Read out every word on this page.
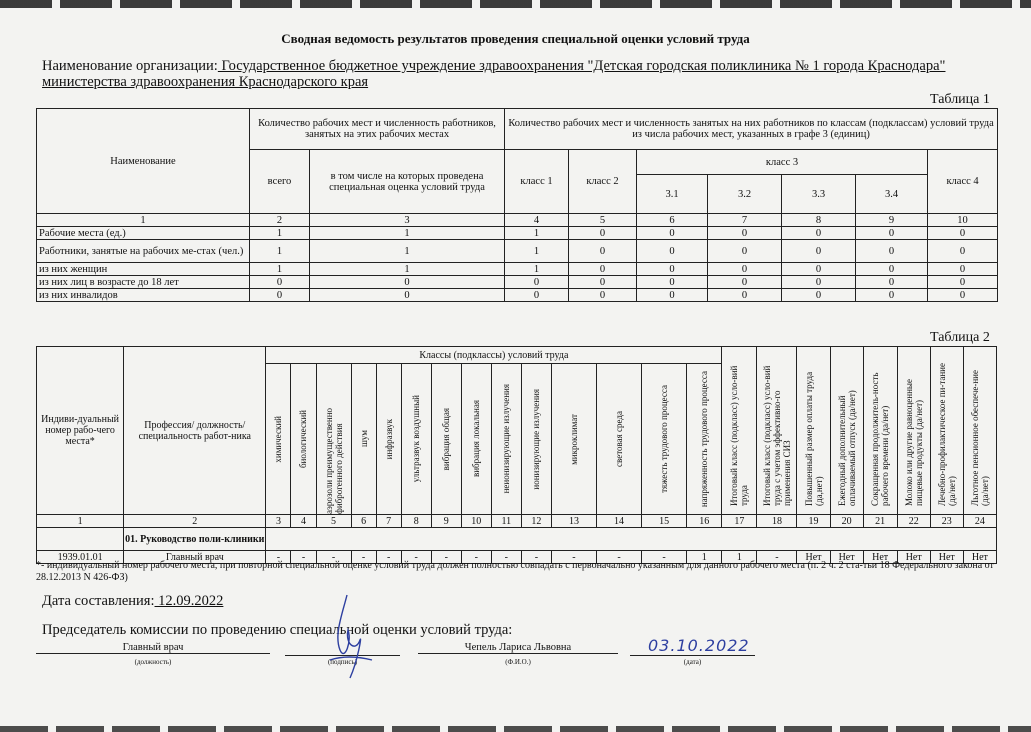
Сводная ведомость результатов проведения специальной оценки условий труда
Наименование организации: Государственное бюджетное учреждение здравоохранения "Детская городская поликлиника № 1 города Краснодара"
министерства здравоохранения Краснодарского края
Таблица 1
Наименование	Количество рабочих мест и численность работников, занятых на этих рабочих местах		Количество рабочих мест и численность занятых на них работников по классам (подклассам) условий труда из числа рабочих мест, указанных в графе 3 (единиц)						
	всего	в том числе на которых проведена специальная оценка условий труда	класс 1	класс 2	класс 3				класс 4
					3.1	3.2	3.3	3.4	
1	2	3	4	5	6	7	8	9	10
Рабочие места (ед.)	1	1	1	0	0	0	0	0	0
Работники, занятые на рабочих ме-стах (чел.)	1	1	1	0	0	0	0	0	0
из них женщин	1	1	1	0	0	0	0	0	0
из них лиц в возрасте до 18 лет	0	0	0	0	0	0	0	0	0
из них инвалидов	0	0	0	0	0	0	0	0	0
Таблица 2
Индиви-дуальный номер рабо-чего места*	Профессия/ должность/ специальность работ-ника	Классы (подклассы) условий труда														Итоговый класс (подкласс) усло-вий труда	Итоговый класс (подкласс) усло-вий труда с учетом эффективно-го применения СИЗ	Повышенный размер оплаты труда (да,нет)	Ежегодный дополнительный оплачиваемый отпуск (да/нет)	Сокращенная продолжитель-ность рабочего времени (да/нет)	Молоко или другие равноценные пищевые продукты (да/нет)	Лечебно-профилактическое пи-тание (да/нет)	Льготное пенсионное обеспече-ние (да/нет)

		химический	биологический	аэрозоли преимущественно фиброгенного действия	шум	инфразвук	ультразвук воздушный	вибрация общая	вибрация локальная	неионизирующие излучения	ионизирующие излучения	микроклимат	световая среда	тяжесть трудового процесса	напряженность трудового процесса								

1	2	3	4	5	6	7	8	9	10	11	12	13	14	15	16	17	18	19	20	21	22	23	24
	01. Руководство поли-клиники																						
1939.01.01	Главный врач	-	-	-	-	-	-	-	-	-	-	-	-	-	1	1	-	Нет	Нет	Нет	Нет	Нет	Нет
*- индивидуальный номер рабочего места, при повторной специальной оценке условий труда должен полностью совпадать с первоначально указанным для данного рабочего места (п. 2 ч. 2 ста-тьи 18 Федерального закона от 28.12.2013 N 426-ФЗ)
Дата составления: 12.09.2022
Председатель комиссии по проведению специальной оценки условий труда:
Главный врач
(должность)	(подпись)
Чепель Лариса Львовна
(Ф.И.О.)	(дата)
03.10.2022
